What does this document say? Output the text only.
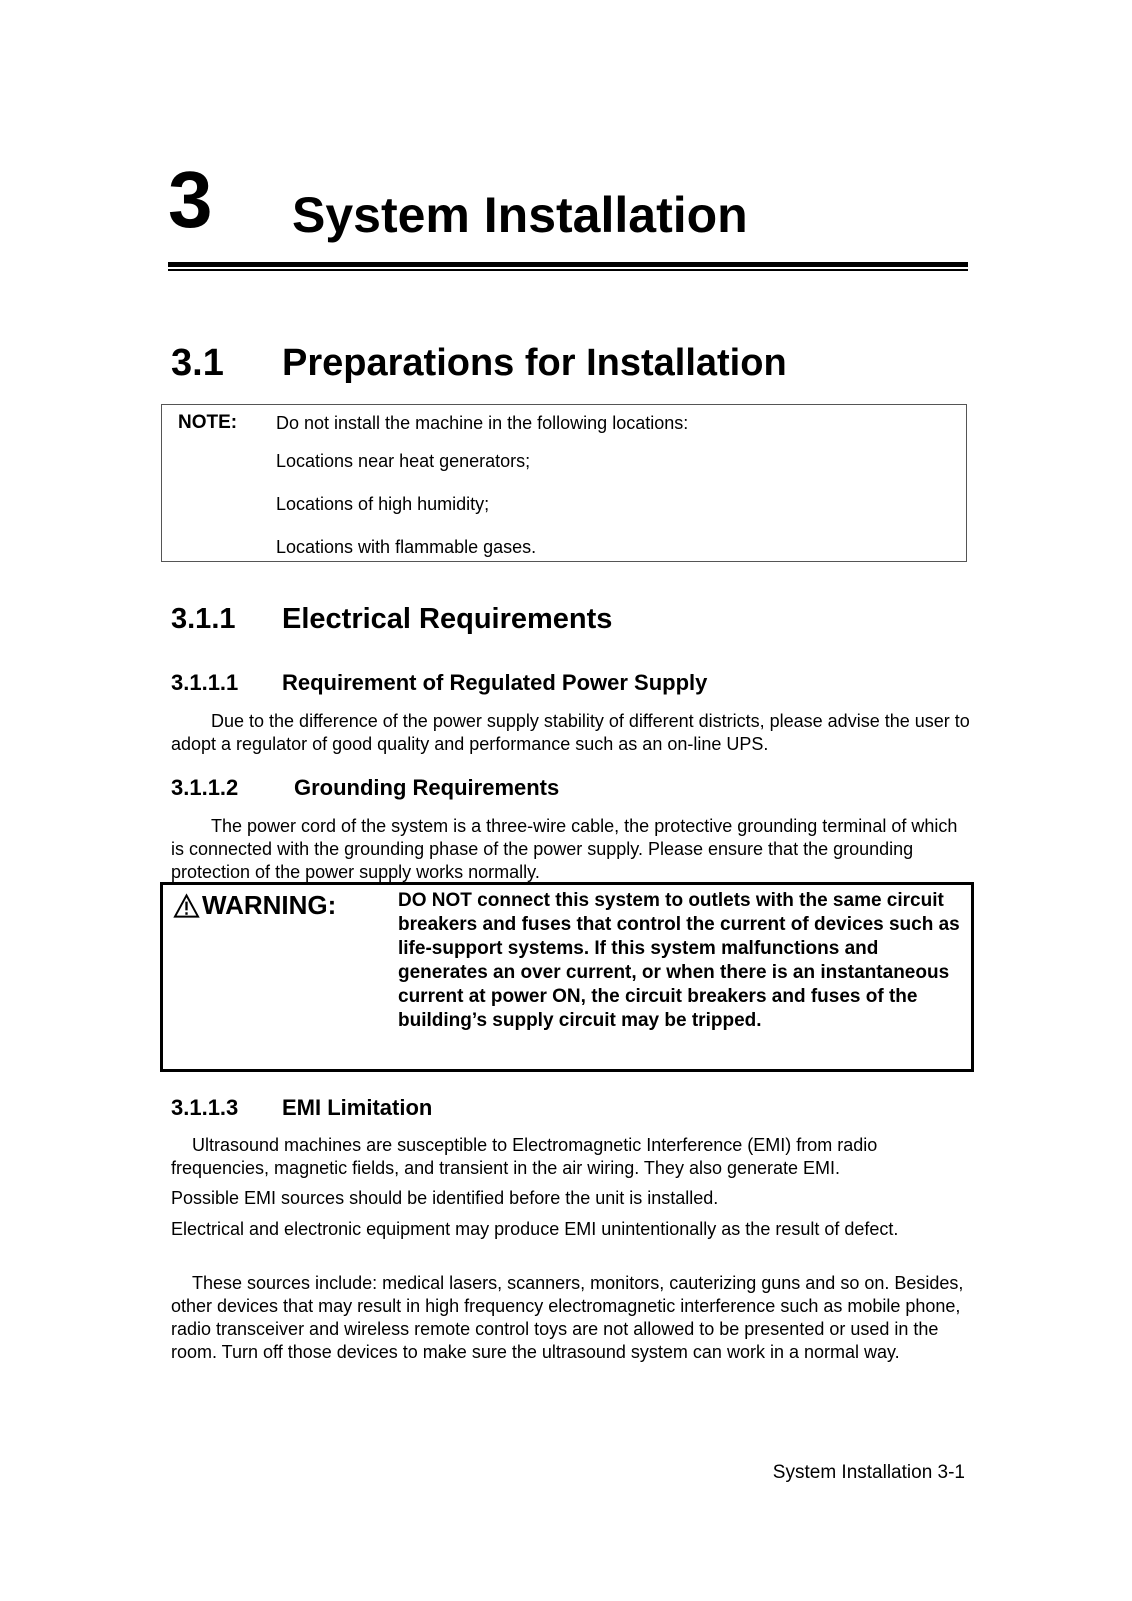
3 System Installation
3.1 Preparations for Installation
NOTE: Do not install the machine in the following locations:
Locations near heat generators;
Locations of high humidity;
Locations with flammable gases.
3.1.1 Electrical Requirements
3.1.1.1 Requirement of Regulated Power Supply
Due to the difference of the power supply stability of different districts, please advise the user to adopt a regulator of good quality and performance such as an on-line UPS.
3.1.1.2	Grounding Requirements
The power cord of the system is a three-wire cable, the protective grounding terminal of which is connected with the grounding phase of the power supply. Please ensure that the grounding protection of the power supply works normally.
WARNING:	DO NOT connect this system to outlets with the same circuit breakers and fuses that control the current of devices such as life-support systems. If this system malfunctions and generates an over current, or when there is an instantaneous current at power ON, the circuit breakers and fuses of the building’s supply circuit may be tripped.
3.1.1.3 EMI Limitation
Ultrasound machines are susceptible to Electromagnetic Interference (EMI) from radio frequencies, magnetic fields, and transient in the air wiring. They also generate EMI.
Possible EMI sources should be identified before the unit is installed.
Electrical and electronic equipment may produce EMI unintentionally as the result of defect.
These sources include: medical lasers, scanners, monitors, cauterizing guns and so on. Besides, other devices that may result in high frequency electromagnetic interference such as mobile phone, radio transceiver and wireless remote control toys are not allowed to be presented or used in the room. Turn off those devices to make sure the ultrasound system can work in a normal way.
System Installation 3-1
